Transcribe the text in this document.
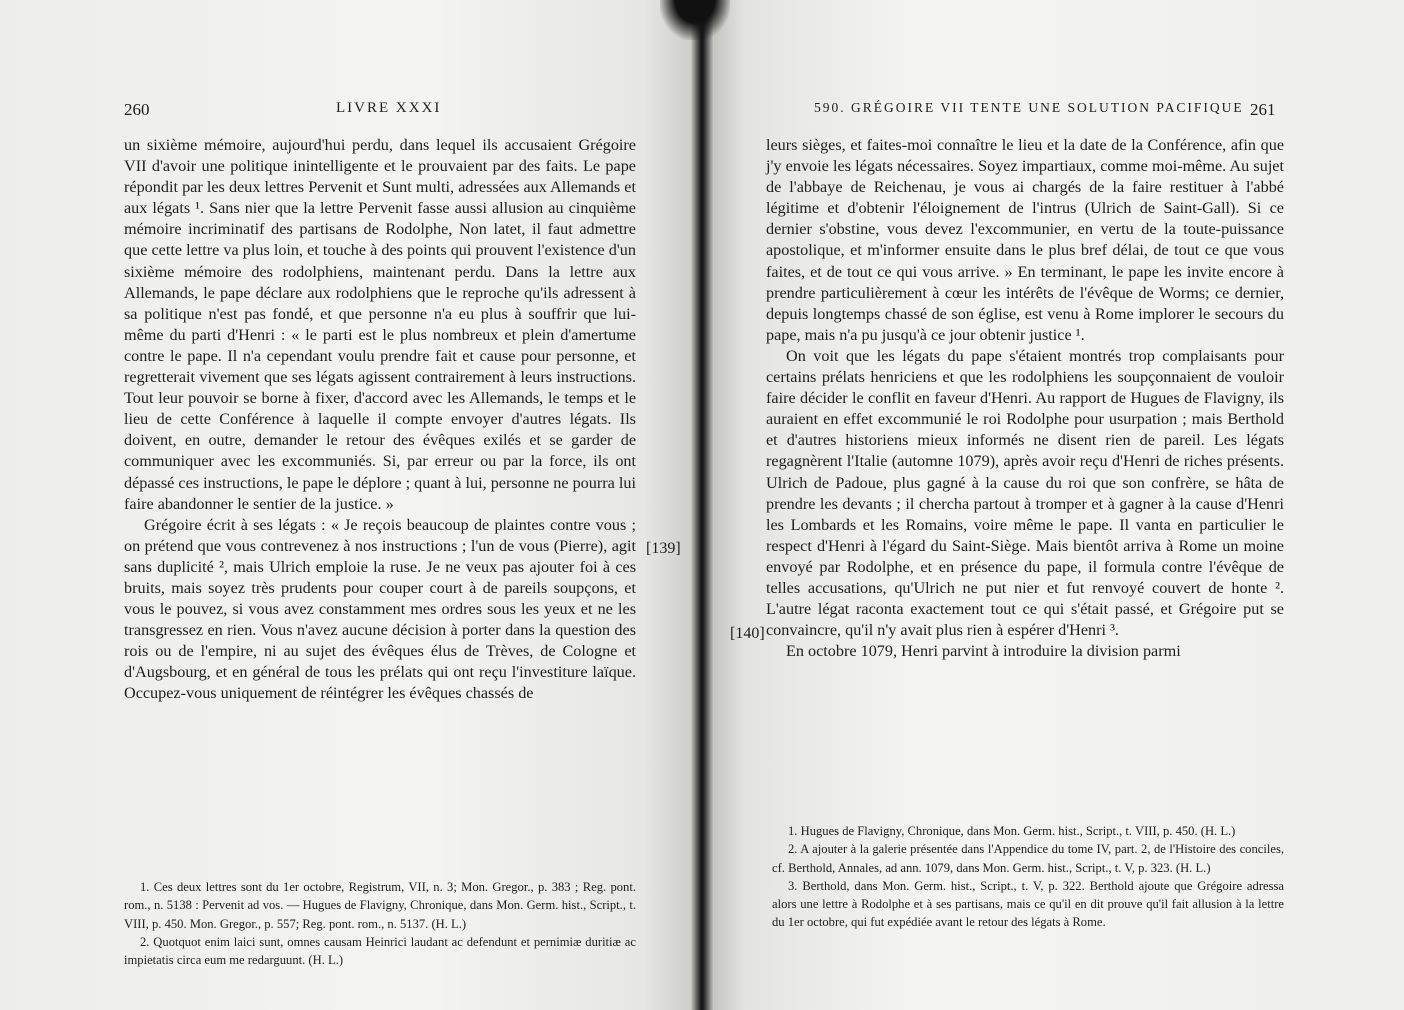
260	LIVRE XXXI

un sixième mémoire, aujourd'hui perdu, dans lequel ils accusaient Grégoire VII d'avoir une politique inintelligente et le prouvaient par des faits. Le pape répondit par les deux lettres Pervenit et Sunt multi, adressées aux Allemands et aux légats ¹. Sans nier que la lettre Pervenit fasse aussi allusion au cinquième mémoire incriminatif des partisans de Rodolphe, Non latet, il faut admettre que cette lettre va plus loin, et touche à des points qui prouvent l'existence d'un sixième mémoire des rodolphiens, maintenant perdu. Dans la lettre aux Allemands, le pape déclare aux rodolphiens que le reproche qu'ils adressent à sa politique n'est pas fondé, et que personne n'a eu plus à souffrir que lui-même du parti d'Henri : « le parti est le plus nombreux et plein d'amertume contre le pape. Il n'a cependant voulu prendre fait et cause pour personne, et regretterait vivement que ses légats agissent contrairement à leurs instructions. Tout leur pouvoir se borne à fixer, d'accord avec les Allemands, le temps et le lieu de cette Conférence à laquelle il compte envoyer d'autres légats. Ils doivent, en outre, demander le retour des évêques exilés et se garder de communiquer avec les excommuniés. Si, par erreur ou par la force, ils ont dépassé ces instructions, le pape le déplore ; quant à lui, personne ne pourra lui faire abandonner le sentier de la justice. »

Grégoire écrit à ses légats : « Je reçois beaucoup de plaintes contre vous ; on prétend que vous contrevenez à nos instructions ; l'un de vous (Pierre), agit sans duplicité ², mais Ulrich emploie la ruse. Je ne veux pas ajouter foi à ces bruits, mais soyez très prudents pour couper court à de pareils soupçons, et vous le pouvez, si vous avez constamment mes ordres sous les yeux et ne les transgressez en rien. Vous n'avez aucune décision à porter dans la question des rois ou de l'empire, ni au sujet des évêques élus de Trèves, de Cologne et d'Augsbourg, et en général de tous les prélats qui ont reçu l'investiture laïque. Occupez-vous uniquement de réintégrer les évêques chassés de

[139]

1. Ces deux lettres sont du 1er octobre, Registrum, VII, n. 3; Mon. Gregor., p. 383 ; Reg. pont. rom., n. 5138 : Pervenit ad vos. — Hugues de Flavigny, Chronique, dans Mon. Germ. hist., Script., t. VIII, p. 450. Mon. Gregor., p. 557; Reg. pont. rom., n. 5137. (H. L.)

2. Quotquot enim laici sunt, omnes causam Heinrici laudant ac defendunt et pernimiæ duritiæ ac impietatis circa eum me redarguunt. (H. L.)

590. GRÉGOIRE VII TENTE UNE SOLUTION PACIFIQUE 261

leurs sièges, et faites-moi connaître le lieu et la date de la Conférence, afin que j'y envoie les légats nécessaires. Soyez impartiaux, comme moi-même. Au sujet de l'abbaye de Reichenau, je vous ai chargés de la faire restituer à l'abbé légitime et d'obtenir l'éloignement de l'intrus (Ulrich de Saint-Gall). Si ce dernier s'obstine, vous devez l'excommunier, en vertu de la toute-puissance apostolique, et m'informer ensuite dans le plus bref délai, de tout ce que vous faites, et de tout ce qui vous arrive. » En terminant, le pape les invite encore à prendre particulièrement à cœur les intérêts de l'évêque de Worms; ce dernier, depuis longtemps chassé de son église, est venu à Rome implorer le secours du pape, mais n'a pu jusqu'à ce jour obtenir justice ¹.

On voit que les légats du pape s'étaient montrés trop complaisants pour certains prélats henriciens et que les rodolphiens les soupçonnaient de vouloir faire décider le conflit en faveur d'Henri. Au rapport de Hugues de Flavigny, ils auraient en effet excommunié le roi Rodolphe pour usurpation ; mais Berthold et d'autres historiens mieux informés ne disent rien de pareil. Les légats regagnèrent l'Italie (automne 1079), après avoir reçu d'Henri de riches présents. Ulrich de Padoue, plus gagné à la cause du roi que son confrère, se hâta de prendre les devants ; il chercha partout à tromper et à gagner à la cause d'Henri les Lombards et les Romains, voire même le pape. Il vanta en particulier le respect d'Henri à l'égard du Saint-Siège. Mais bientôt arriva à Rome un moine envoyé par Rodolphe, et en présence du pape, il formula contre l'évêque de telles accusations, qu'Ulrich ne put nier et fut renvoyé couvert de honte ². L'autre légat raconta exactement tout ce qui s'était passé, et Grégoire put se convaincre, qu'il n'y avait plus rien à espérer d'Henri ³.

En octobre 1079, Henri parvint à introduire la division parmi

[140]

1. Hugues de Flavigny, Chronique, dans Mon. Germ. hist., Script., t. VIII, p. 450. (H. L.)

2. A ajouter à la galerie présentée dans l'Appendice du tome IV, part. 2, de l'Histoire des conciles, cf. Berthold, Annales, ad ann. 1079, dans Mon. Germ. hist., Script., t. V, p. 323. (H. L.)

3. Berthold, dans Mon. Germ. hist., Script., t. V, p. 322. Berthold ajoute que Grégoire adressa alors une lettre à Rodolphe et à ses partisans, mais ce qu'il en dit prouve qu'il fait allusion à la lettre du 1er octobre, qui fut expédiée avant le retour des légats à Rome.
